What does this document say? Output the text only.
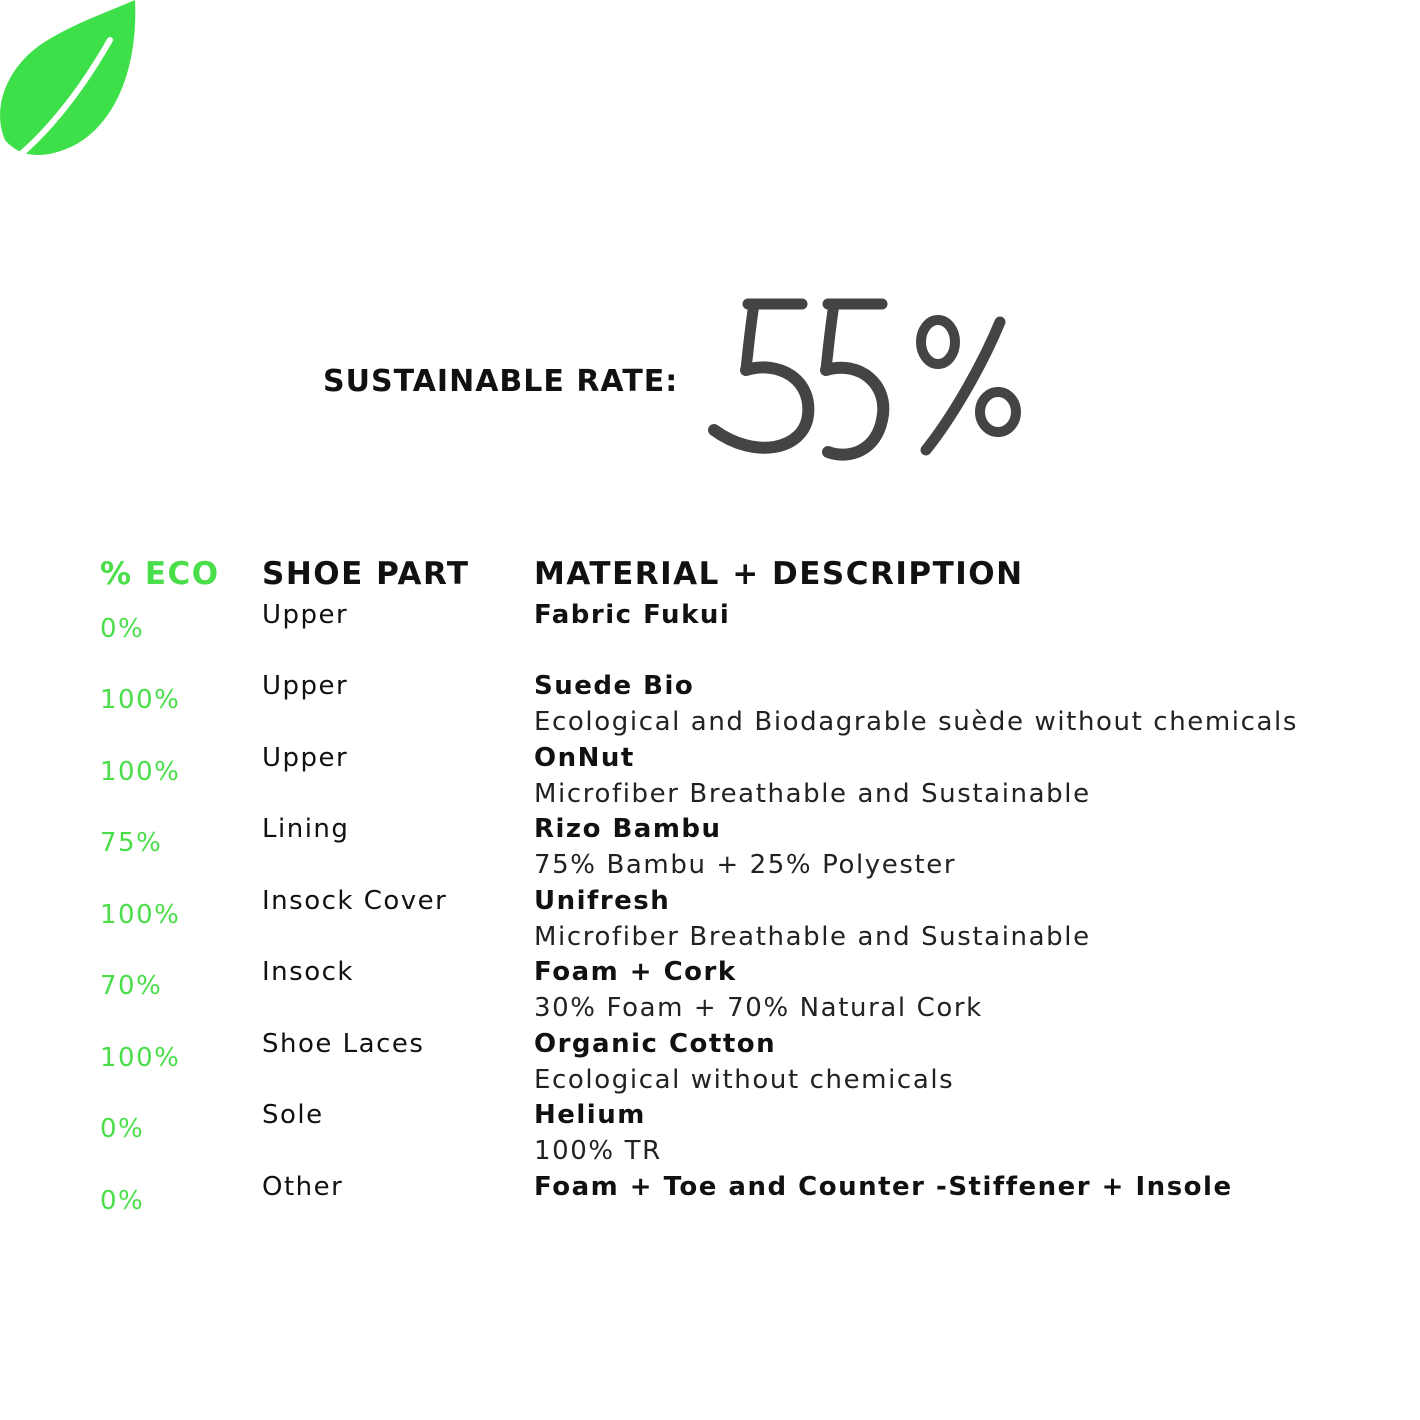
SUSTAINABLE RATE:
% ECO SHOE PART MATERIAL + DESCRIPTION
0%	Upper	Fabric Fukui
100%	Upper	Suede Bio
Ecological and Biodagrable suède without chemicals
100%	Upper	OnNut
Microfiber Breathable and Sustainable
75%	Lining	Rizo Bambu
75% Bambu + 25% Polyester
100%	Insock Cover	Unifresh
Microfiber Breathable and Sustainable
70%	Insock	Foam + Cork
30% Foam + 70% Natural Cork
100%	Shoe Laces	Organic Cotton
Ecological without chemicals
0%	Sole	Helium
100% TR
0%	Other	Foam + Toe and Counter -Stiffener + Insole
